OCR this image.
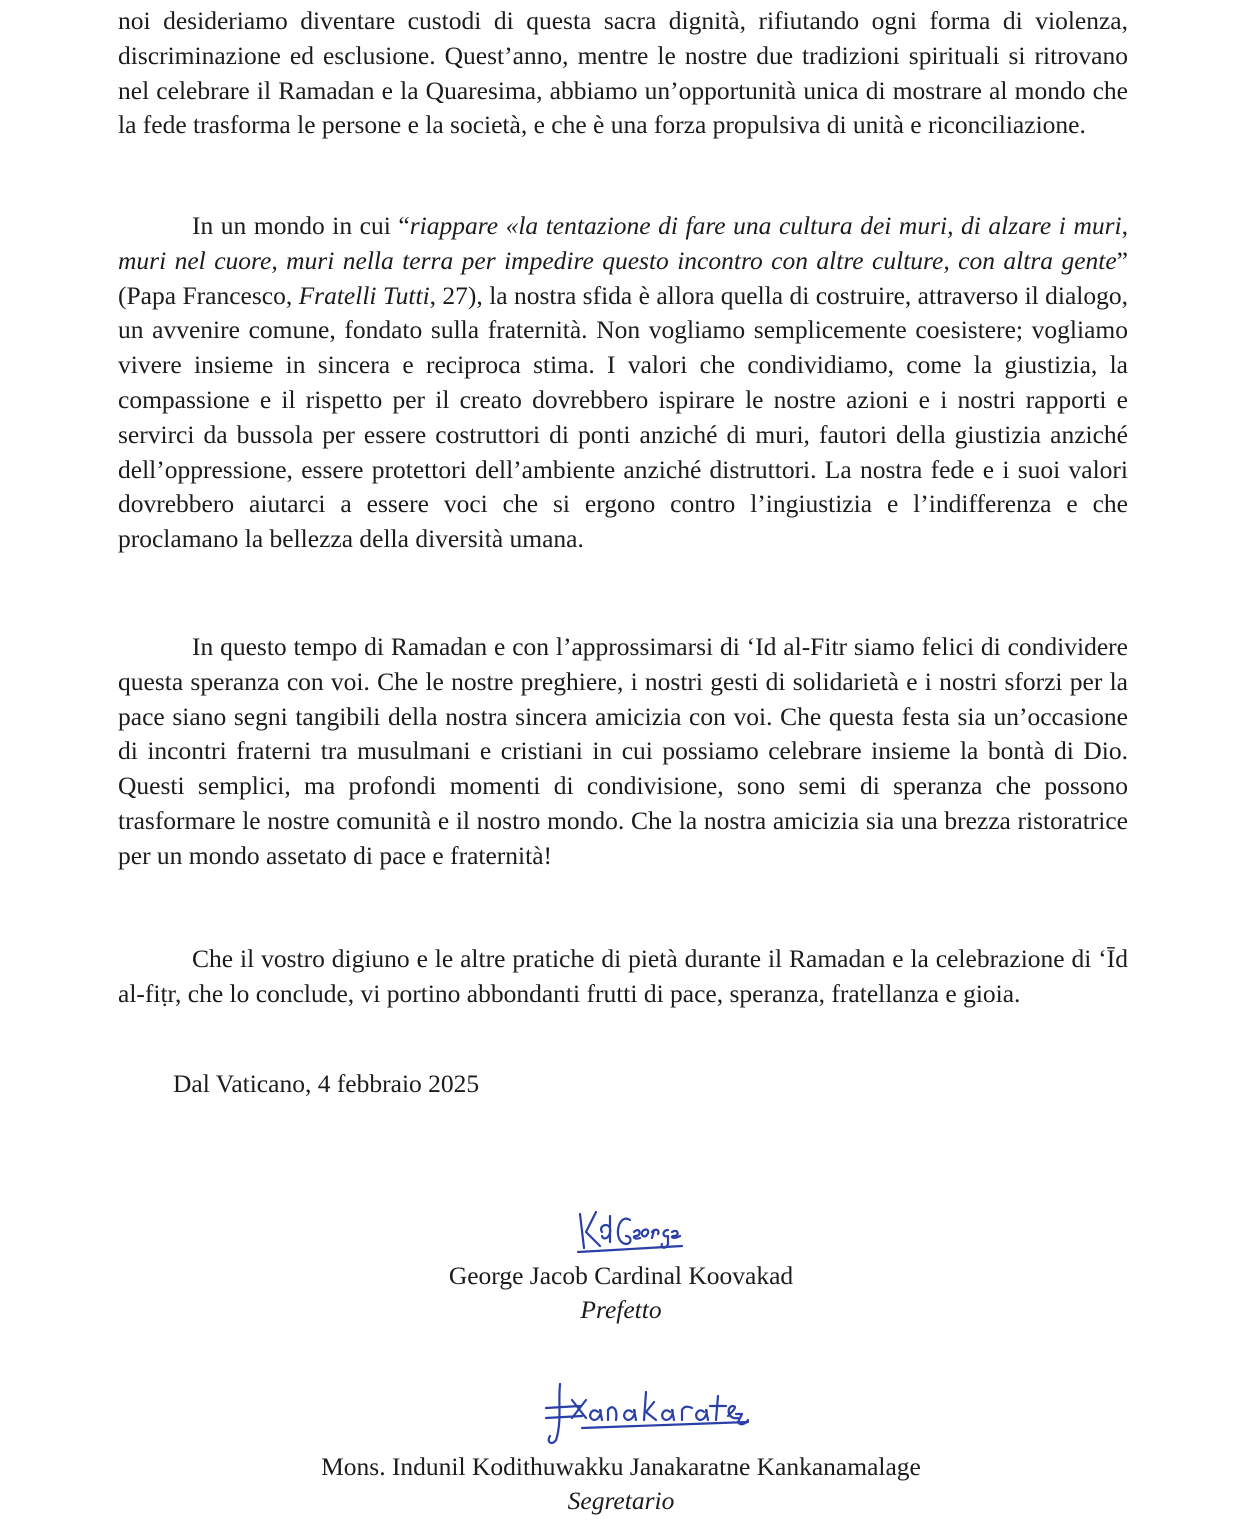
noi desideriamo diventare custodi di questa sacra dignità, rifiutando ogni forma di violenza, discriminazione ed esclusione. Quest’anno, mentre le nostre due tradizioni spirituali si ritrovano nel celebrare il Ramadan e la Quaresima, abbiamo un’opportunità unica di mostrare al mondo che la fede trasforma le persone e la società, e che è una forza propulsiva di unità e riconciliazione.

In un mondo in cui “riappare «la tentazione di fare una cultura dei muri, di alzare i muri, muri nel cuore, muri nella terra per impedire questo incontro con altre culture, con altra gente” (Papa Francesco, Fratelli Tutti, 27), la nostra sfida è allora quella di costruire, attraverso il dialogo, un avvenire comune, fondato sulla fraternità. Non vogliamo semplicemente coesistere; vogliamo vivere insieme in sincera e reciproca stima. I valori che condividiamo, come la giustizia, la compassione e il rispetto per il creato dovrebbero ispirare le nostre azioni e i nostri rapporti e servirci da bussola per essere costruttori di ponti anziché di muri, fautori della giustizia anziché dell’oppressione, essere protettori dell’ambiente anziché distruttori. La nostra fede e i suoi valori dovrebbero aiutarci a essere voci che si ergono contro l’ingiustizia e l’indifferenza e che proclamano la bellezza della diversità umana.

In questo tempo di Ramadan e con l’approssimarsi di ‘Id al-Fitr siamo felici di condividere questa speranza con voi. Che le nostre preghiere, i nostri gesti di solidarietà e i nostri sforzi per la pace siano segni tangibili della nostra sincera amicizia con voi. Che questa festa sia un’occasione di incontri fraterni tra musulmani e cristiani in cui possiamo celebrare insieme la bontà di Dio. Questi semplici, ma profondi momenti di condivisione, sono semi di speranza che possono trasformare le nostre comunità e il nostro mondo. Che la nostra amicizia sia una brezza ristoratrice per un mondo assetato di pace e fraternità!

Che il vostro digiuno e le altre pratiche di pietà durante il Ramadan e la celebrazione di ‘Īd al-fiṭr, che lo conclude, vi portino abbondanti frutti di pace, speranza, fratellanza e gioia.

Dal Vaticano, 4 febbraio 2025

George Jacob Cardinal Koovakad
Prefetto
Mons. Indunil Kodithuwakku Janakaratne Kankanamalage
Segretario
